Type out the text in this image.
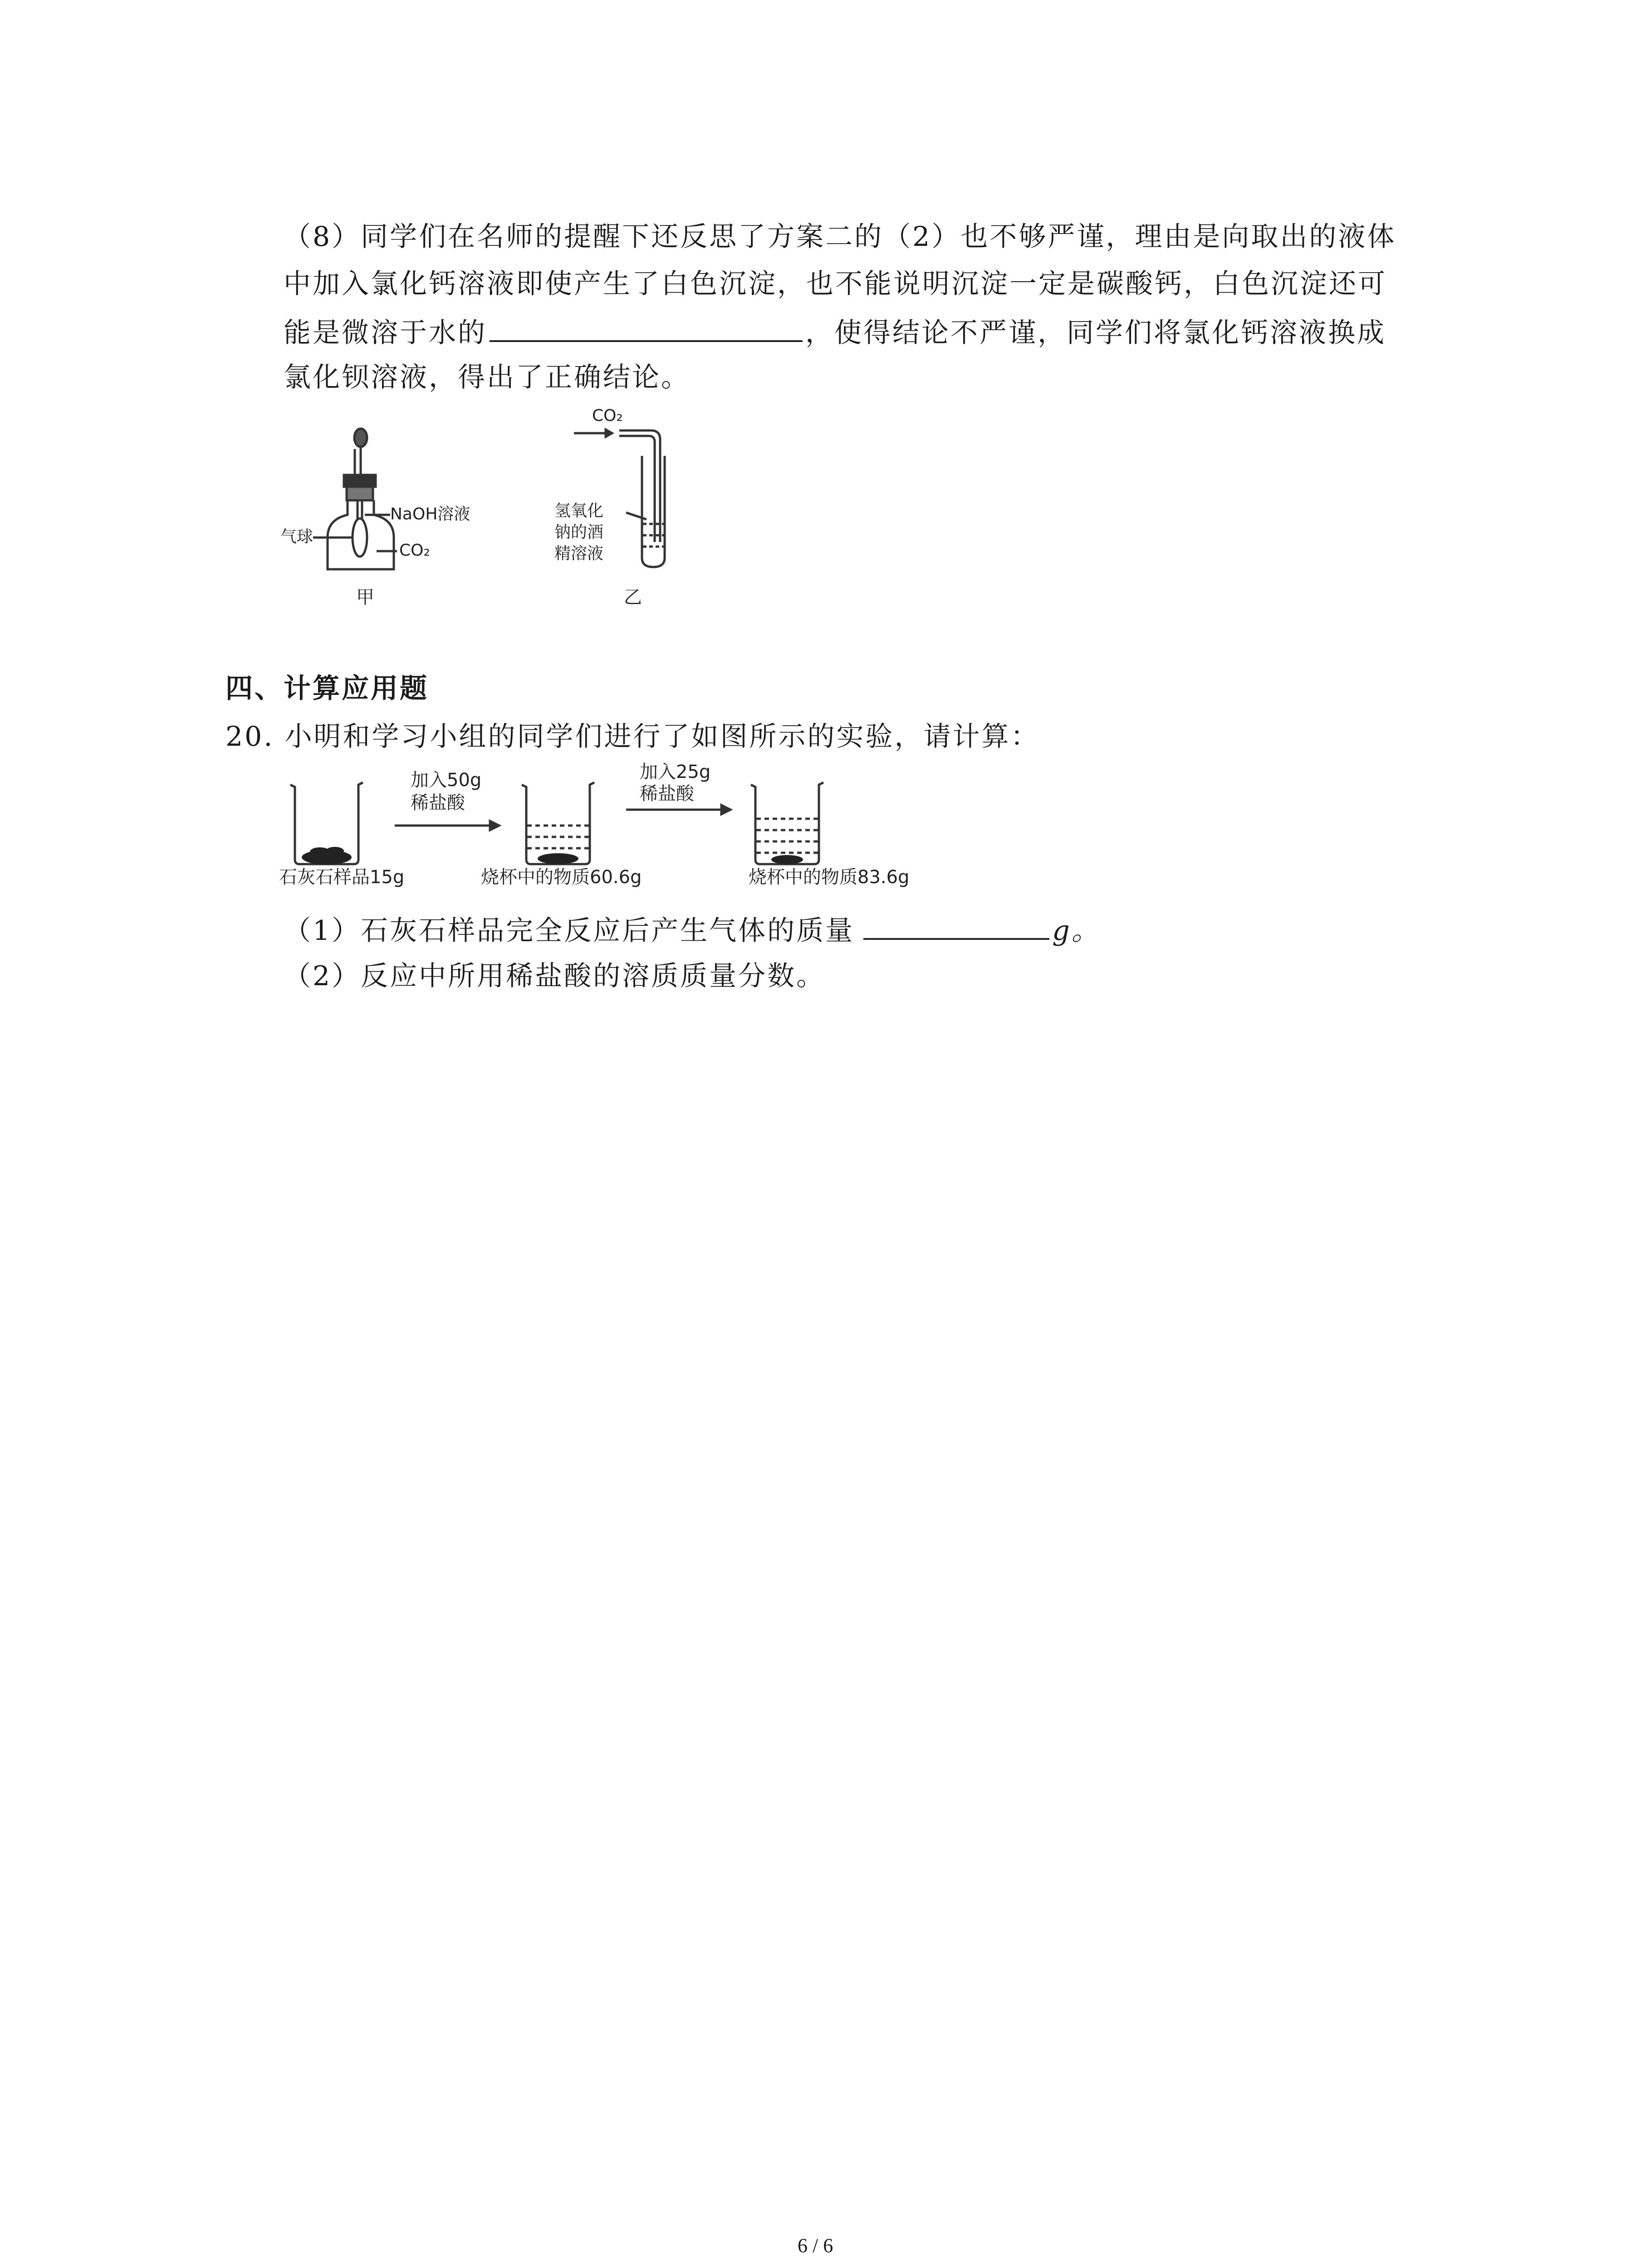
（8）同学们在名师的提醒下还反思了方案二的（2）也不够严谨，理由是向取出的液体
中加入氯化钙溶液即使产生了白色沉淀，也不能说明沉淀一定是碳酸钙，白色沉淀还可
能是微溶于水的	，使得结论不严谨，同学们将氯化钙溶液换成
氯化钡溶液，得出了正确结论。
NaOH溶液
气球
CO₂
甲
CO₂
氢氧化
钠的酒
精溶液
乙
四、计算应用题
20. 小明和学习小组的同学们进行了如图所示的实验，请计算：
加入50g
稀盐酸
加入25g
稀盐酸
石灰石样品15g	烧杯中的物质60.6g	烧杯中的物质83.6g
（1）石灰石样品完全反应后产生气体的质量	g。
（2）反应中所用稀盐酸的溶质质量分数。
6 / 6
